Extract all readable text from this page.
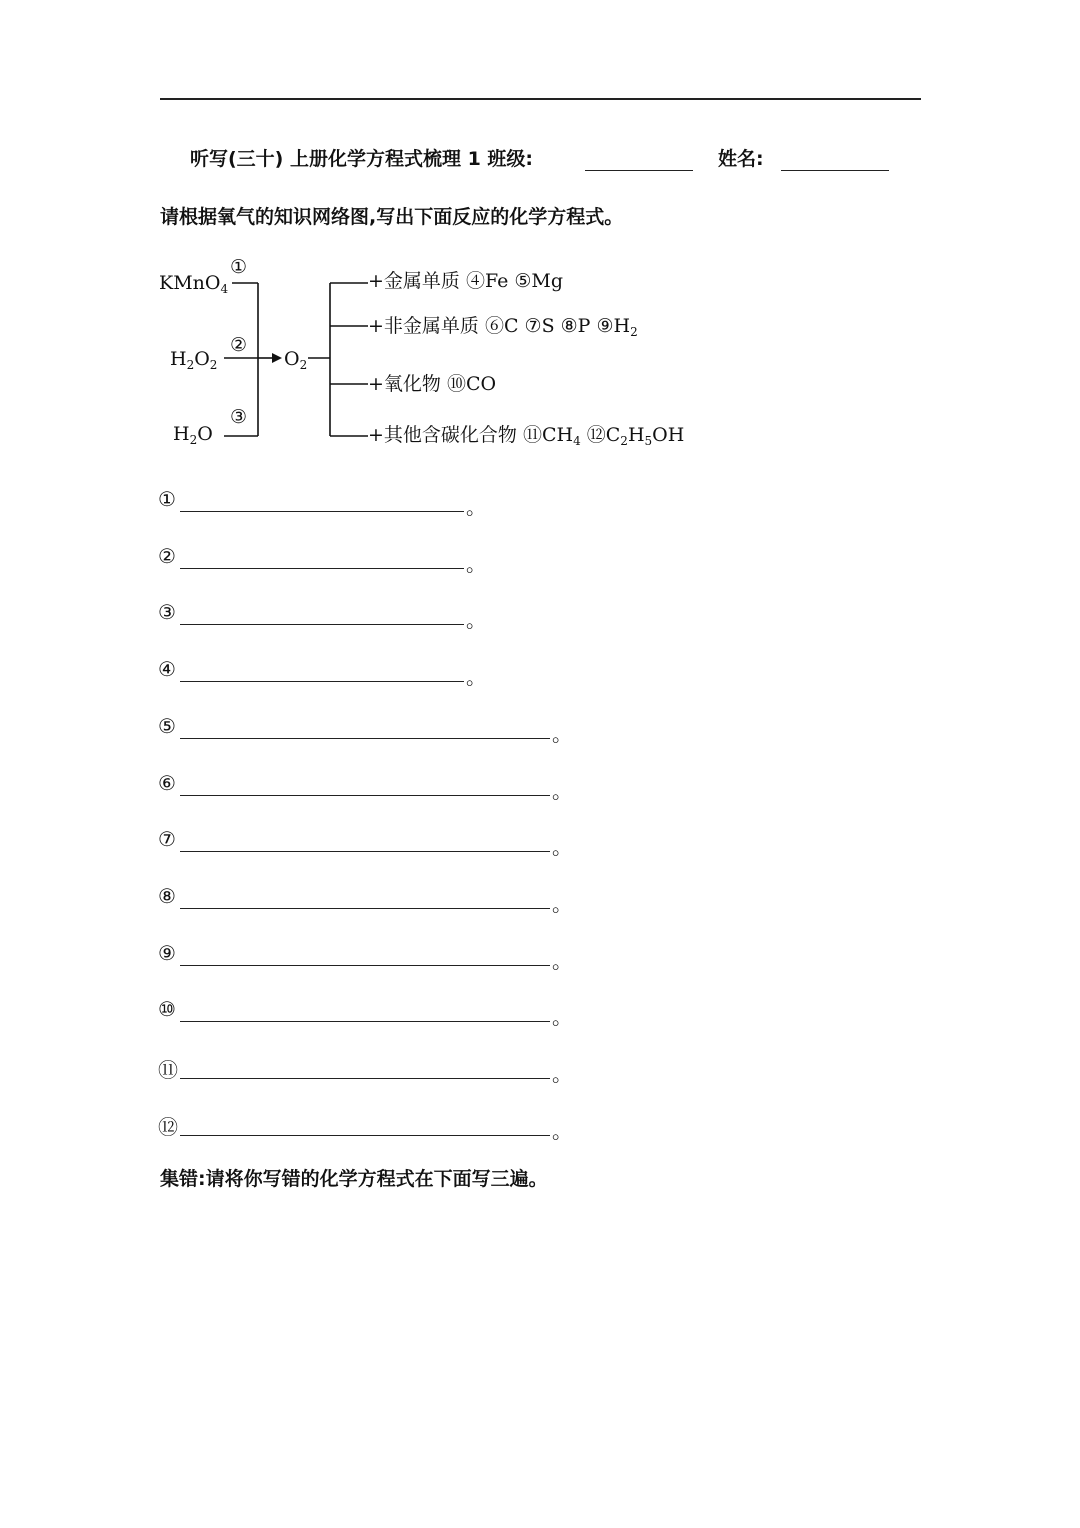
听写(三十) 上册化学方程式梳理 1 班级:	姓名:
请根据氧气的知识网络图,写出下面反应的化学方程式。
KMnO$_4$
①
$H_2O_2$
②
$H_2O$
③
$O_2$
+金属单质 ④Fe ⑤Mg
+非金属单质 ⑥C ⑦S ⑧P $⑨H_2$
+氧化物 ⑩CO
+其他含碳化合物 $⑪CH_4$ $⑫C_2H_5OH$
①	。
②	。
③	。
④	。
⑤	。
⑥	。
⑦	。
⑧	。
⑨	。
⑩	。
⑪	。
⑫	。
集错:请将你写错的化学方程式在下面写三遍。
